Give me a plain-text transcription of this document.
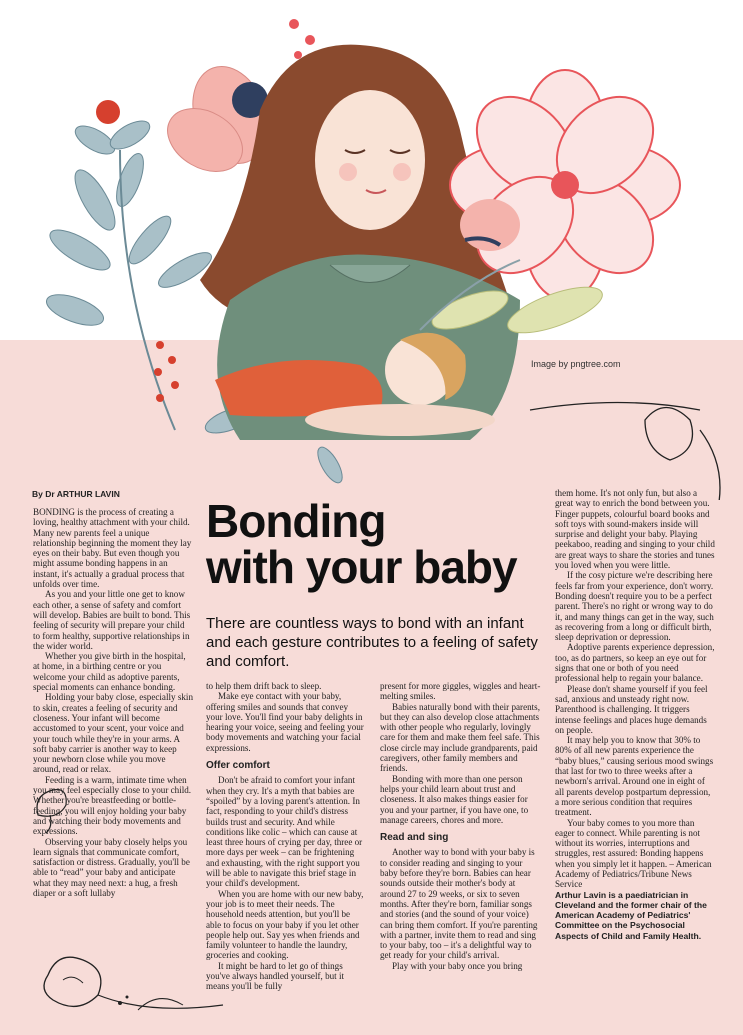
Image by pngtree.com
By Dr ARTHUR LAVIN
Bonding
with your baby
There are countless ways to bond with an infant and each gesture contributes to a feeling of safety and comfort.

BONDING is the process of creating a loving, healthy attachment with your child. Many new parents feel a unique relationship beginning the moment they lay eyes on their baby. But even though you might assume bonding happens in an instant, it's actually a gradual process that unfolds over time.

As you and your little one get to know each other, a sense of safety and comfort will develop. Babies are built to bond. This feeling of security will prepare your child to form healthy, supportive relationships in the wider world.

Whether you give birth in the hospital, at home, in a birthing centre or you welcome your child as adoptive parents, special moments can enhance bonding.

Holding your baby close, especially skin to skin, creates a feeling of security and closeness. Your infant will become accustomed to your scent, your voice and your touch while they're in your arms. A soft baby carrier is another way to keep your newborn close while you move around, read or relax.

Feeding is a warm, intimate time when you may feel especially close to your child. Whether you're breastfeeding or bottle-feeding, you will enjoy holding your baby and watching their body movements and expressions.

Observing your baby closely helps you learn signals that communicate comfort, satisfaction or distress. Gradually, you'll be able to “read” your baby and anticipate what they may need next: a hug, a fresh diaper or a soft lullaby

to help them drift back to sleep.

Make eye contact with your baby, offering smiles and sounds that convey your love. You'll find your baby delights in hearing your voice, seeing and feeling your body movements and watching your facial expressions.

Offer comfort

Don't be afraid to comfort your infant when they cry. It's a myth that babies are “spoiled” by a loving parent's attention. In fact, responding to your child's distress builds trust and security. And while conditions like colic – which can cause at least three hours of crying per day, three or more days per week – can be frightening and exhausting, with the right support you will be able to navigate this brief stage in your child's development.

When you are home with our new baby, your job is to meet their needs. The household needs attention, but you'll be able to focus on your baby if you let other people help out. Say yes when friends and family volunteer to handle the laundry, groceries and cooking.

It might be hard to let go of things you've always handled yourself, but it means you'll be fully

present for more giggles, wiggles and heart-melting smiles.

Babies naturally bond with their parents, but they can also develop close attachments with other people who regularly, lovingly care for them and make them feel safe. This close circle may include grandparents, paid caregivers, other family members and friends.

Bonding with more than one person helps your child learn about trust and closeness. It also makes things easier for you and your partner, if you have one, to manage careers, chores and more.

Read and sing

Another way to bond with your baby is to consider reading and singing to your baby before they're born. Babies can hear sounds outside their mother's body at around 27 to 29 weeks, or six to seven months. After they're born, familiar songs and stories (and the sound of your voice) can bring them comfort. If you're parenting with a partner, invite them to read and sing to your baby, too – it's a delightful way to get ready for your child's arrival.

Play with your baby once you bring

them home. It's not only fun, but also a great way to enrich the bond between you. Finger puppets, colourful board books and soft toys with sound-makers inside will surprise and delight your baby. Playing peekaboo, reading and singing to your child are great ways to share the stories and tunes you loved when you were little.

If the cosy picture we're describing here feels far from your experience, don't worry. Bonding doesn't require you to be a perfect parent. There's no right or wrong way to do it, and many things can get in the way, such as recovering from a long or difficult birth, sleep deprivation or depression.

Adoptive parents experience depression, too, as do partners, so keep an eye out for signs that one or both of you need professional help to regain your balance.

Please don't shame yourself if you feel sad, anxious and unsteady right now. Parenthood is challenging. It triggers intense feelings and places huge demands on people.

It may help you to know that 30% to 80% of all new parents experience the “baby blues,” causing serious mood swings that last for two to three weeks after a newborn's arrival. Around one in eight of all parents develop postpartum depression, a more serious condition that requires treatment.

Your baby comes to you more than eager to connect. While parenting is not without its worries, interruptions and struggles, rest assured: Bonding happens when you simply let it happen. – American Academy of Pediatrics/Tribune News Service

Arthur Lavin is a paediatrician in Cleveland and the former chair of the American Academy of Pediatrics' Committee on the Psychosocial Aspects of Child and Family Health.
